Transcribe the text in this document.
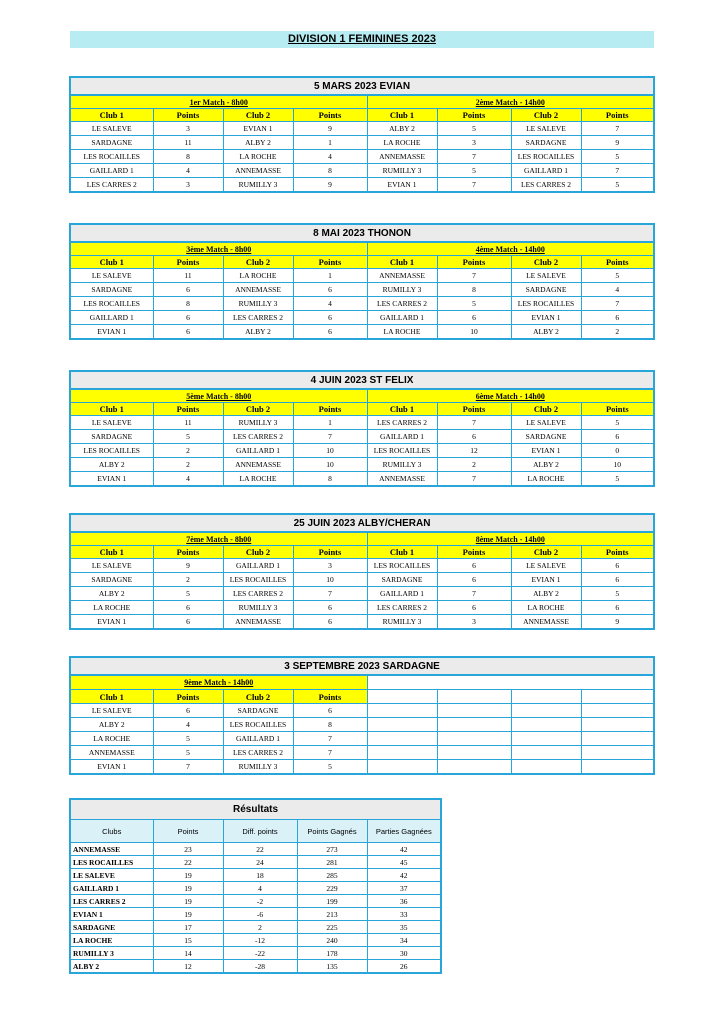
DIVISION 1 FEMININES 2023
5 MARS 2023 EVIAN							
1er Match - 8h00				2ème Match - 14h00			
Club 1	Points	Club 2	Points	Club 1	Points	Club 2	Points
LE SALEVE	3	EVIAN 1	9	ALBY 2	5	LE SALEVE	7
SARDAGNE	11	ALBY 2	1	LA ROCHE	3	SARDAGNE	9
LES ROCAILLES	8	LA ROCHE	4	ANNEMASSE	7	LES ROCAILLES	5
GAILLARD 1	4	ANNEMASSE	8	RUMILLY 3	5	GAILLARD 1	7
LES CARRES 2	3	RUMILLY 3	9	EVIAN 1	7	LES CARRES 2	5
8 MAI 2023 THONON							
3ème Match - 8h00				4ème Match - 14h00			
Club 1	Points	Club 2	Points	Club 1	Points	Club 2	Points
LE SALEVE	11	LA ROCHE	1	ANNEMASSE	7	LE SALEVE	5
SARDAGNE	6	ANNEMASSE	6	RUMILLY 3	8	SARDAGNE	4
LES ROCAILLES	8	RUMILLY 3	4	LES CARRES 2	5	LES ROCAILLES	7
GAILLARD 1	6	LES CARRES 2	6	GAILLARD 1	6	EVIAN 1	6
EVIAN 1	6	ALBY 2	6	LA ROCHE	10	ALBY 2	2
4 JUIN 2023 ST FELIX							
5ème Match - 8h00				6ème Match - 14h00			
Club 1	Points	Club 2	Points	Club 1	Points	Club 2	Points
LE SALEVE	11	RUMILLY 3	1	LES CARRES 2	7	LE SALEVE	5
SARDAGNE	5	LES CARRES 2	7	GAILLARD 1	6	SARDAGNE	6
LES ROCAILLES	2	GAILLARD 1	10	LES ROCAILLES	12	EVIAN 1	0
ALBY 2	2	ANNEMASSE	10	RUMILLY 3	2	ALBY 2	10
EVIAN 1	4	LA ROCHE	8	ANNEMASSE	7	LA ROCHE	5
25 JUIN 2023 ALBY/CHERAN							
7ème Match - 8h00				8ème Match - 14h00			
Club 1	Points	Club 2	Points	Club 1	Points	Club 2	Points
LE SALEVE	9	GAILLARD 1	3	LES ROCAILLES	6	LE SALEVE	6
SARDAGNE	2	LES ROCAILLES	10	SARDAGNE	6	EVIAN 1	6
ALBY 2	5	LES CARRES 2	7	GAILLARD 1	7	ALBY 2	5
LA ROCHE	6	RUMILLY 3	6	LES CARRES 2	6	LA ROCHE	6
EVIAN 1	6	ANNEMASSE	6	RUMILLY 3	3	ANNEMASSE	9
3 SEPTEMBRE 2023 SARDAGNE							
9ème Match - 14h00							
Club 1	Points	Club 2	Points				
LE SALEVE	6	SARDAGNE	6				
ALBY 2	4	LES ROCAILLES	8				
LA ROCHE	5	GAILLARD 1	7				
ANNEMASSE	5	LES CARRES 2	7				
EVIAN 1	7	RUMILLY 3	5				
Résultats				
Clubs	Points	Diff. points	Points Gagnés	Parties Gagnées
ANNEMASSE	23	22	273	42
LES ROCAILLES	22	24	281	45
LE SALEVE	19	18	285	42
GAILLARD 1	19	4	229	37
LES CARRES 2	19	-2	199	36
EVIAN 1	19	-6	213	33
SARDAGNE	17	2	225	35
LA ROCHE	15	-12	240	34
RUMILLY 3	14	-22	178	30
ALBY 2	12	-28	135	26
